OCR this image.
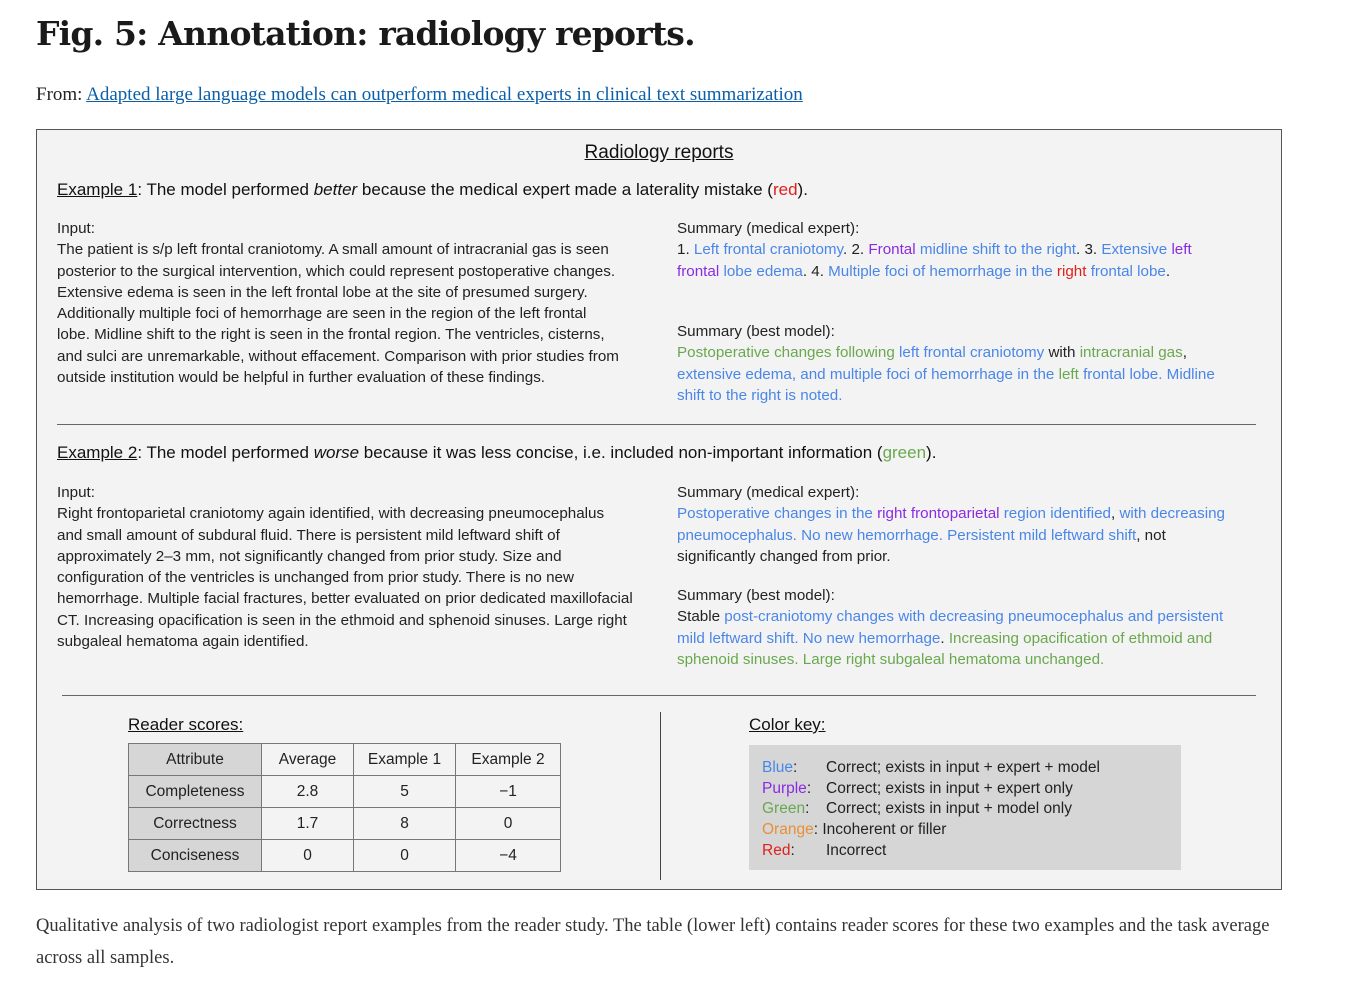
Fig. 5: Annotation: radiology reports.
From: Adapted large language models can outperform medical experts in clinical text summarization
Radiology reports
Example 1: The model performed better because the medical expert made a laterality mistake (red).
Input:
The patient is s/p left frontal craniotomy. A small amount of intracranial gas is seen posterior to the surgical intervention, which could represent postoperative changes. Extensive edema is seen in the left frontal lobe at the site of presumed surgery. Additionally multiple foci of hemorrhage are seen in the region of the left frontal lobe. Midline shift to the right is seen in the frontal region. The ventricles, cisterns, and sulci are unremarkable, without effacement. Comparison with prior studies from outside institution would be helpful in further evaluation of these findings.
Summary (medical expert):
1. Left frontal craniotomy. 2. Frontal midline shift to the right. 3. Extensive left frontal lobe edema. 4. Multiple foci of hemorrhage in the right frontal lobe.
Summary (best model):
Postoperative changes following left frontal craniotomy with intracranial gas, extensive edema, and multiple foci of hemorrhage in the left frontal lobe. Midline shift to the right is noted.
Example 2: The model performed worse because it was less concise, i.e. included non-important information (green).
Input:
Right frontoparietal craniotomy again identified, with decreasing pneumocephalus and small amount of subdural fluid. There is persistent mild leftward shift of approximately 2–3 mm, not significantly changed from prior study. Size and configuration of the ventricles is unchanged from prior study. There is no new hemorrhage. Multiple facial fractures, better evaluated on prior dedicated maxillofacial CT. Increasing opacification is seen in the ethmoid and sphenoid sinuses. Large right subgaleal hematoma again identified.
Summary (medical expert):
Postoperative changes in the right frontoparietal region identified, with decreasing pneumocephalus. No new hemorrhage. Persistent mild leftward shift, not significantly changed from prior.
Summary (best model):
Stable post-craniotomy changes with decreasing pneumocephalus and persistent mild leftward shift. No new hemorrhage. Increasing opacification of ethmoid and sphenoid sinuses. Large right subgaleal hematoma unchanged.
Reader scores:
Attribute	Average	Example 1	Example 2
Completeness	2.8	5	−1
Correctness	1.7	8	0
Conciseness	0	0	−4
Color key:
Blue:	Correct; exists in input + expert + model
Purple: Correct; exists in input + expert only
Green:	Correct; exists in input + model only
Orange: Incoherent or filler
Red:	Incorrect
Qualitative analysis of two radiologist report examples from the reader study. The table (lower left) contains reader scores for these two examples and the task average across all samples.
